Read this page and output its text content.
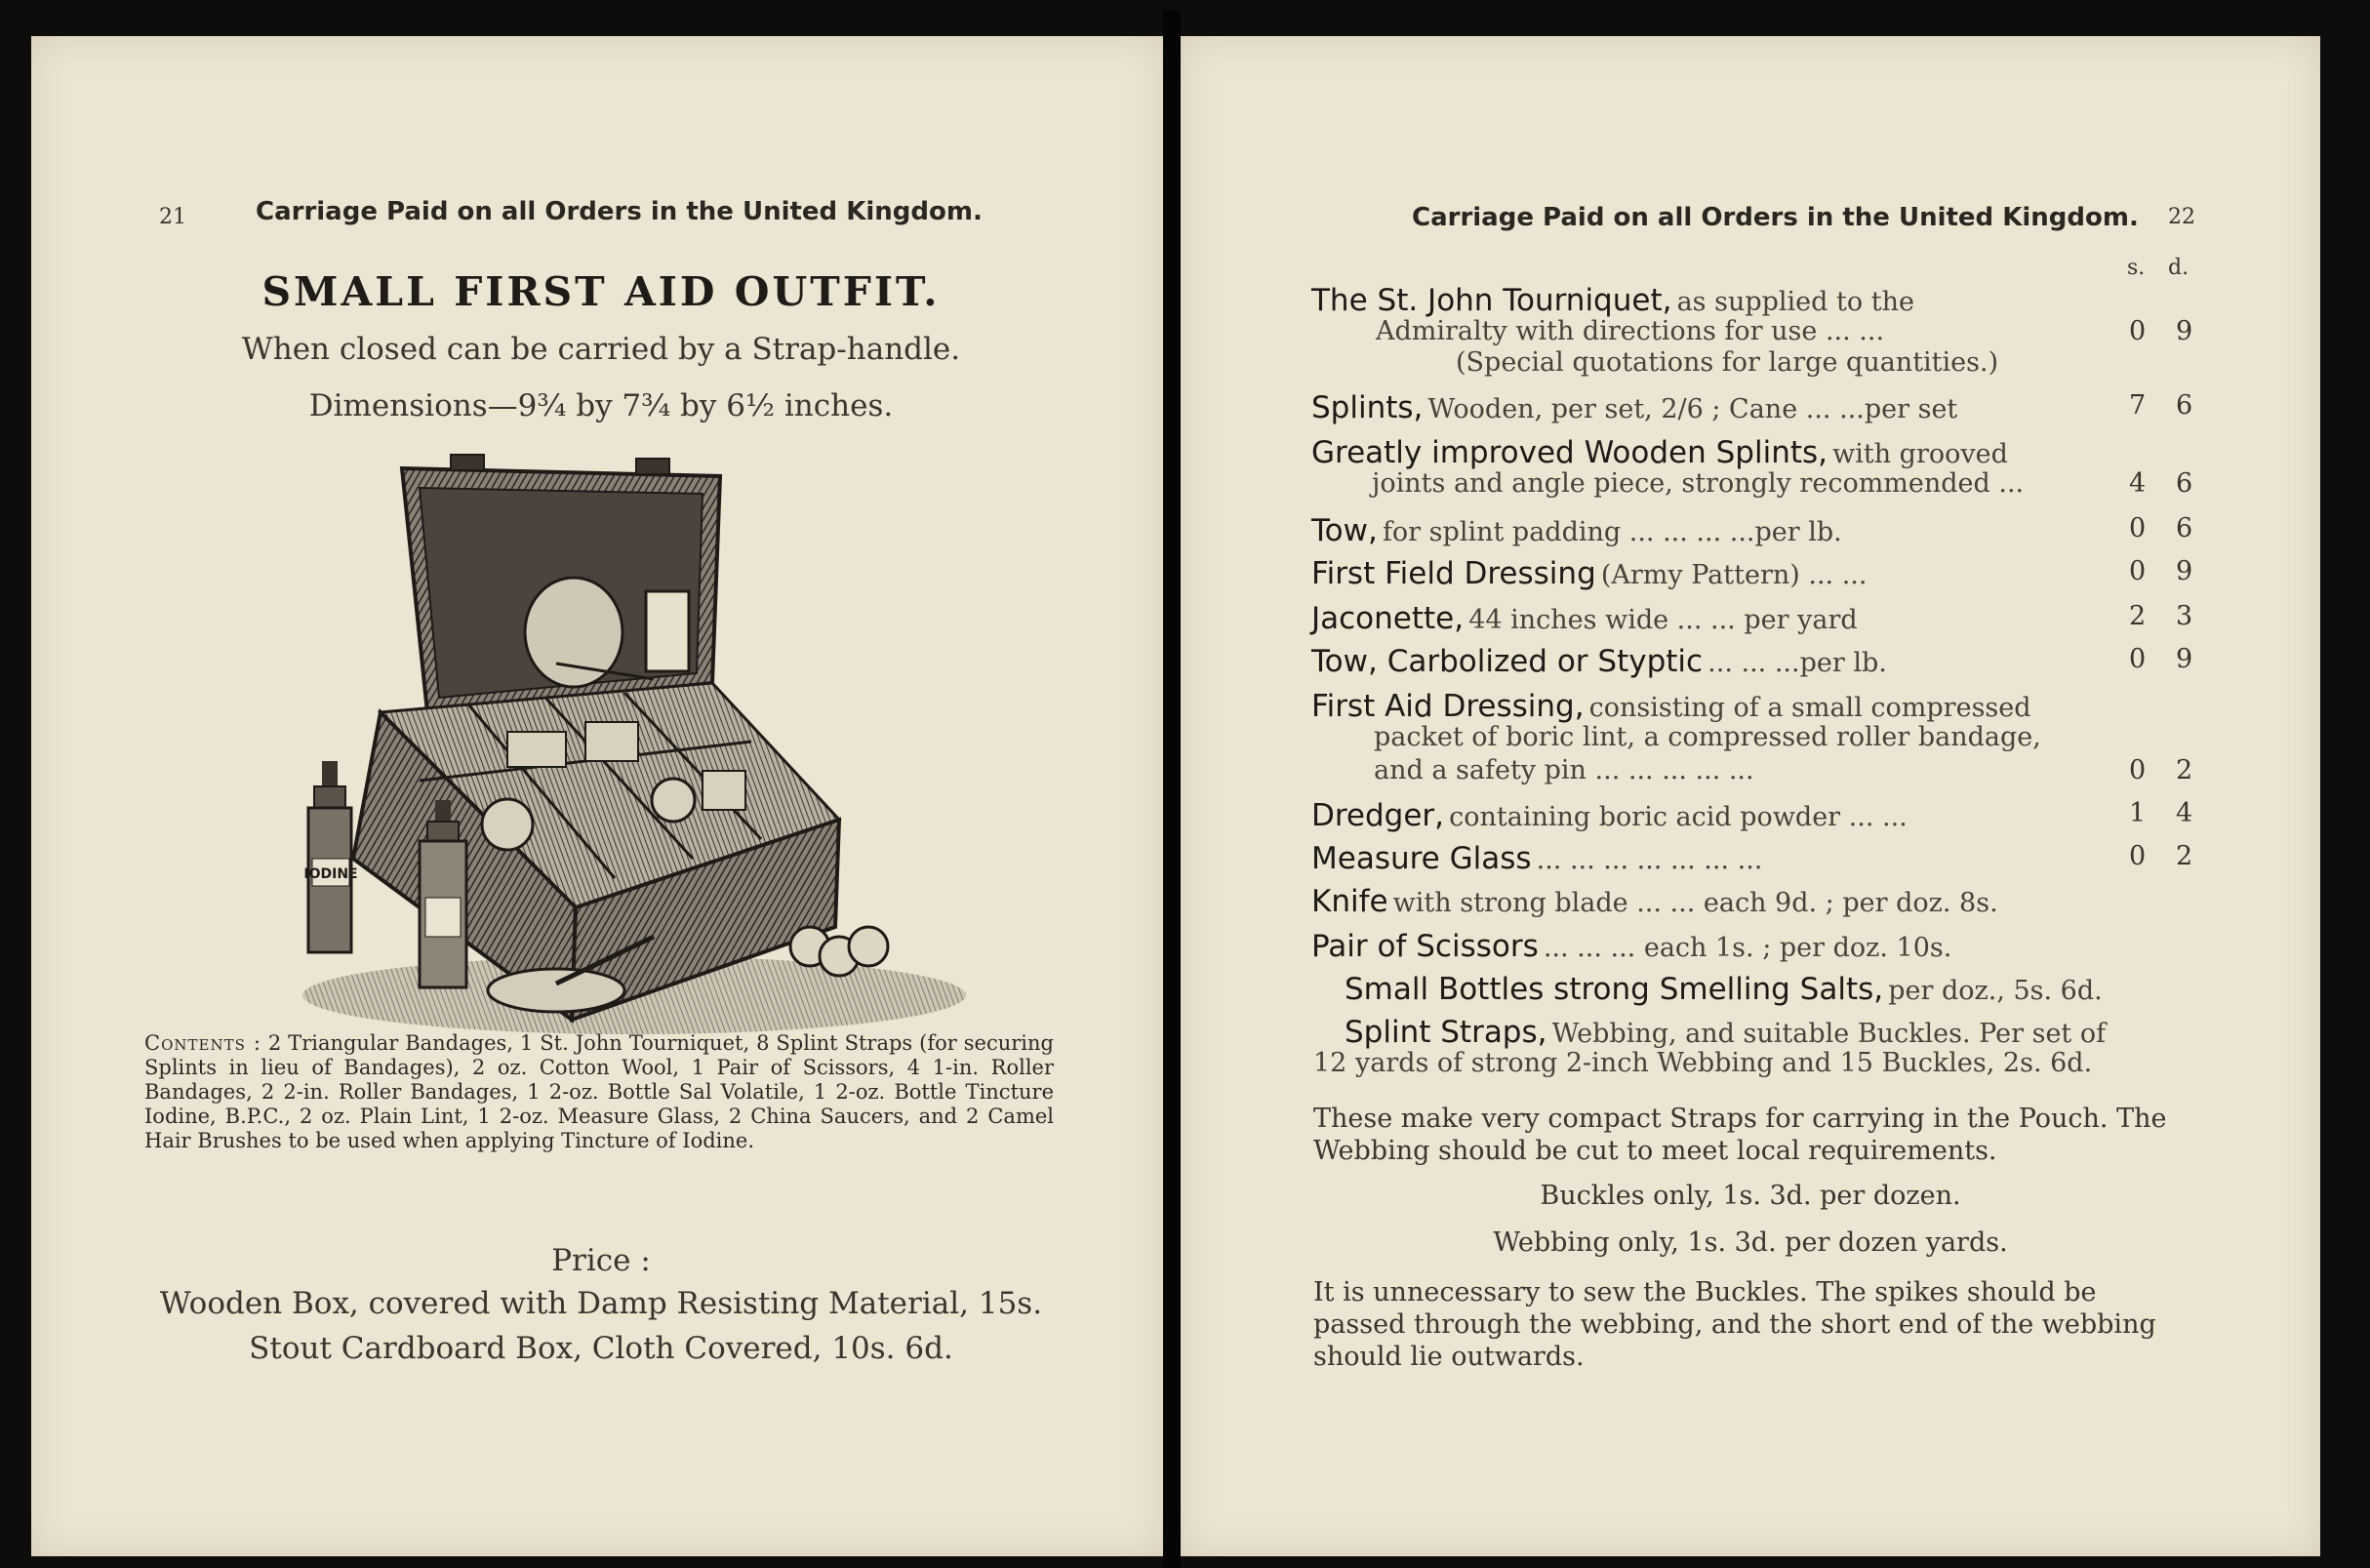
21	Carriage Paid on all Orders in the United Kingdom.
SMALL FIRST AID OUTFIT.
When closed can be carried by a Strap-handle.
Dimensions—9¾ by 7¾ by 6½ inches.
IODINE
Contents : 2 Triangular Bandages, 1 St. John Tourniquet, 8 Splint Straps (for securing Splints in lieu of Bandages), 2 oz. Cotton Wool, 1 Pair of Scissors, 4 1-in. Roller Bandages, 2 2-in. Roller Bandages, 1 2-oz. Bottle Sal Volatile, 1 2-oz. Bottle Tincture Iodine, B.P.C., 2 oz. Plain Lint, 1 2-oz. Measure Glass, 2 China Saucers, and 2 Camel Hair Brushes to be used when applying Tincture of Iodine.
Price :
Wooden Box, covered with Damp Resisting Material, 15s.
Stout Cardboard Box, Cloth Covered, 10s. 6d.
Carriage Paid on all Orders in the United Kingdom. 22
s. d.
The St. John Tourniquet, as supplied to the
Admiralty with directions for use ... ...
(Special quotations for large quantities.)
0 9
Splints, Wooden, per set, 2/6 ; Cane ... ...per set	7 6
Greatly improved Wooden Splints, with grooved
joints and angle piece, strongly recommended ...	4 6
Tow, for splint padding ... ... ... ...per lb.	0 6
First Field Dressing (Army Pattern) ... ...	0 9
Jaconette, 44 inches wide ... ... per yard	2 3
Tow, Carbolized or Styptic ... ... ...per lb.	0 9
First Aid Dressing, consisting of a small compressed
packet of boric lint, a compressed roller bandage,
and a safety pin ... ... ... ... ...	0 2
Dredger, containing boric acid powder ... ...	1 4
Measure Glass ... ... ... ... ... ... ...	0 2
Knife with strong blade ... ... each 9d. ; per doz. 8s.
Pair of Scissors ... ... ... each 1s. ; per doz. 10s.
Small Bottles strong Smelling Salts, per doz., 5s. 6d.
Splint Straps, Webbing, and suitable Buckles. Per set of
12 yards of strong 2-inch Webbing and 15 Buckles, 2s. 6d.
These make very compact Straps for carrying in the Pouch. The Webbing should be cut to meet local requirements.
Buckles only, 1s. 3d. per dozen.
Webbing only, 1s. 3d. per dozen yards.
It is unnecessary to sew the Buckles. The spikes should be passed through the webbing, and the short end of the webbing should lie outwards.
